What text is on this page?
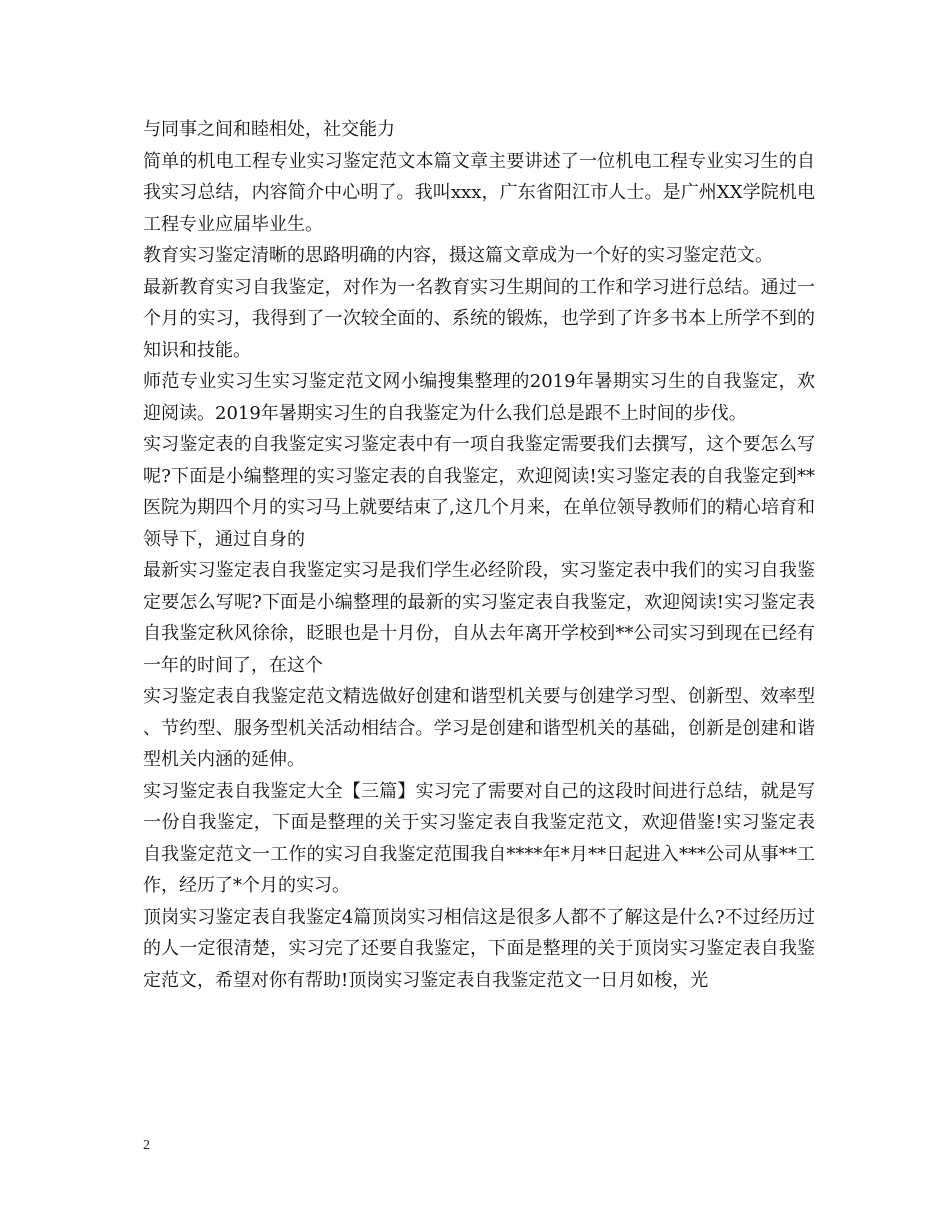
与同事之间和睦相处，社交能力

简单的机电工程专业实习鉴定范文本篇文章主要讲述了一位机电工程专业实习生的自我实习总结，内容简介中心明了。我叫xxx，广东省阳江市人士。是广州XX学院机电工程专业应届毕业生。

教育实习鉴定清晰的思路明确的内容，摄这篇文章成为一个好的实习鉴定范文。

最新教育实习自我鉴定，对作为一名教育实习生期间的工作和学习进行总结。通过一个月的实习，我得到了一次较全面的、系统的锻炼，也学到了许多书本上所学不到的知识和技能。

师范专业实习生实习鉴定范文网小编搜集整理的2019年暑期实习生的自我鉴定，欢迎阅读。2019年暑期实习生的自我鉴定为什么我们总是跟不上时间的步伐。

实习鉴定表的自我鉴定实习鉴定表中有一项自我鉴定需要我们去撰写，这个要怎么写呢?下面是小编整理的实习鉴定表的自我鉴定，欢迎阅读!实习鉴定表的自我鉴定到**医院为期四个月的实习马上就要结束了,这几个月来，在单位领导教师们的精心培育和领导下，通过自身的

最新实习鉴定表自我鉴定实习是我们学生必经阶段，实习鉴定表中我们的实习自我鉴定要怎么写呢?下面是小编整理的最新的实习鉴定表自我鉴定，欢迎阅读!实习鉴定表自我鉴定秋风徐徐，眨眼也是十月份，自从去年离开学校到**公司实习到现在已经有一年的时间了，在这个

实习鉴定表自我鉴定范文精选做好创建和谐型机关要与创建学习型、创新型、效率型、节约型、服务型机关活动相结合。学习是创建和谐型机关的基础，创新是创建和谐型机关内涵的延伸。

实习鉴定表自我鉴定大全【三篇】实习完了需要对自己的这段时间进行总结，就是写一份自我鉴定，下面是整理的关于实习鉴定表自我鉴定范文，欢迎借鉴!实习鉴定表自我鉴定范文一工作的实习自我鉴定范围我自****年*月**日起进入***公司从事**工作，经历了*个月的实习。

顶岗实习鉴定表自我鉴定4篇顶岗实习相信这是很多人都不了解这是什么?不过经历过的人一定很清楚，实习完了还要自我鉴定，下面是整理的关于顶岗实习鉴定表自我鉴定范文，希望对你有帮助!顶岗实习鉴定表自我鉴定范文一日月如梭，光

2
